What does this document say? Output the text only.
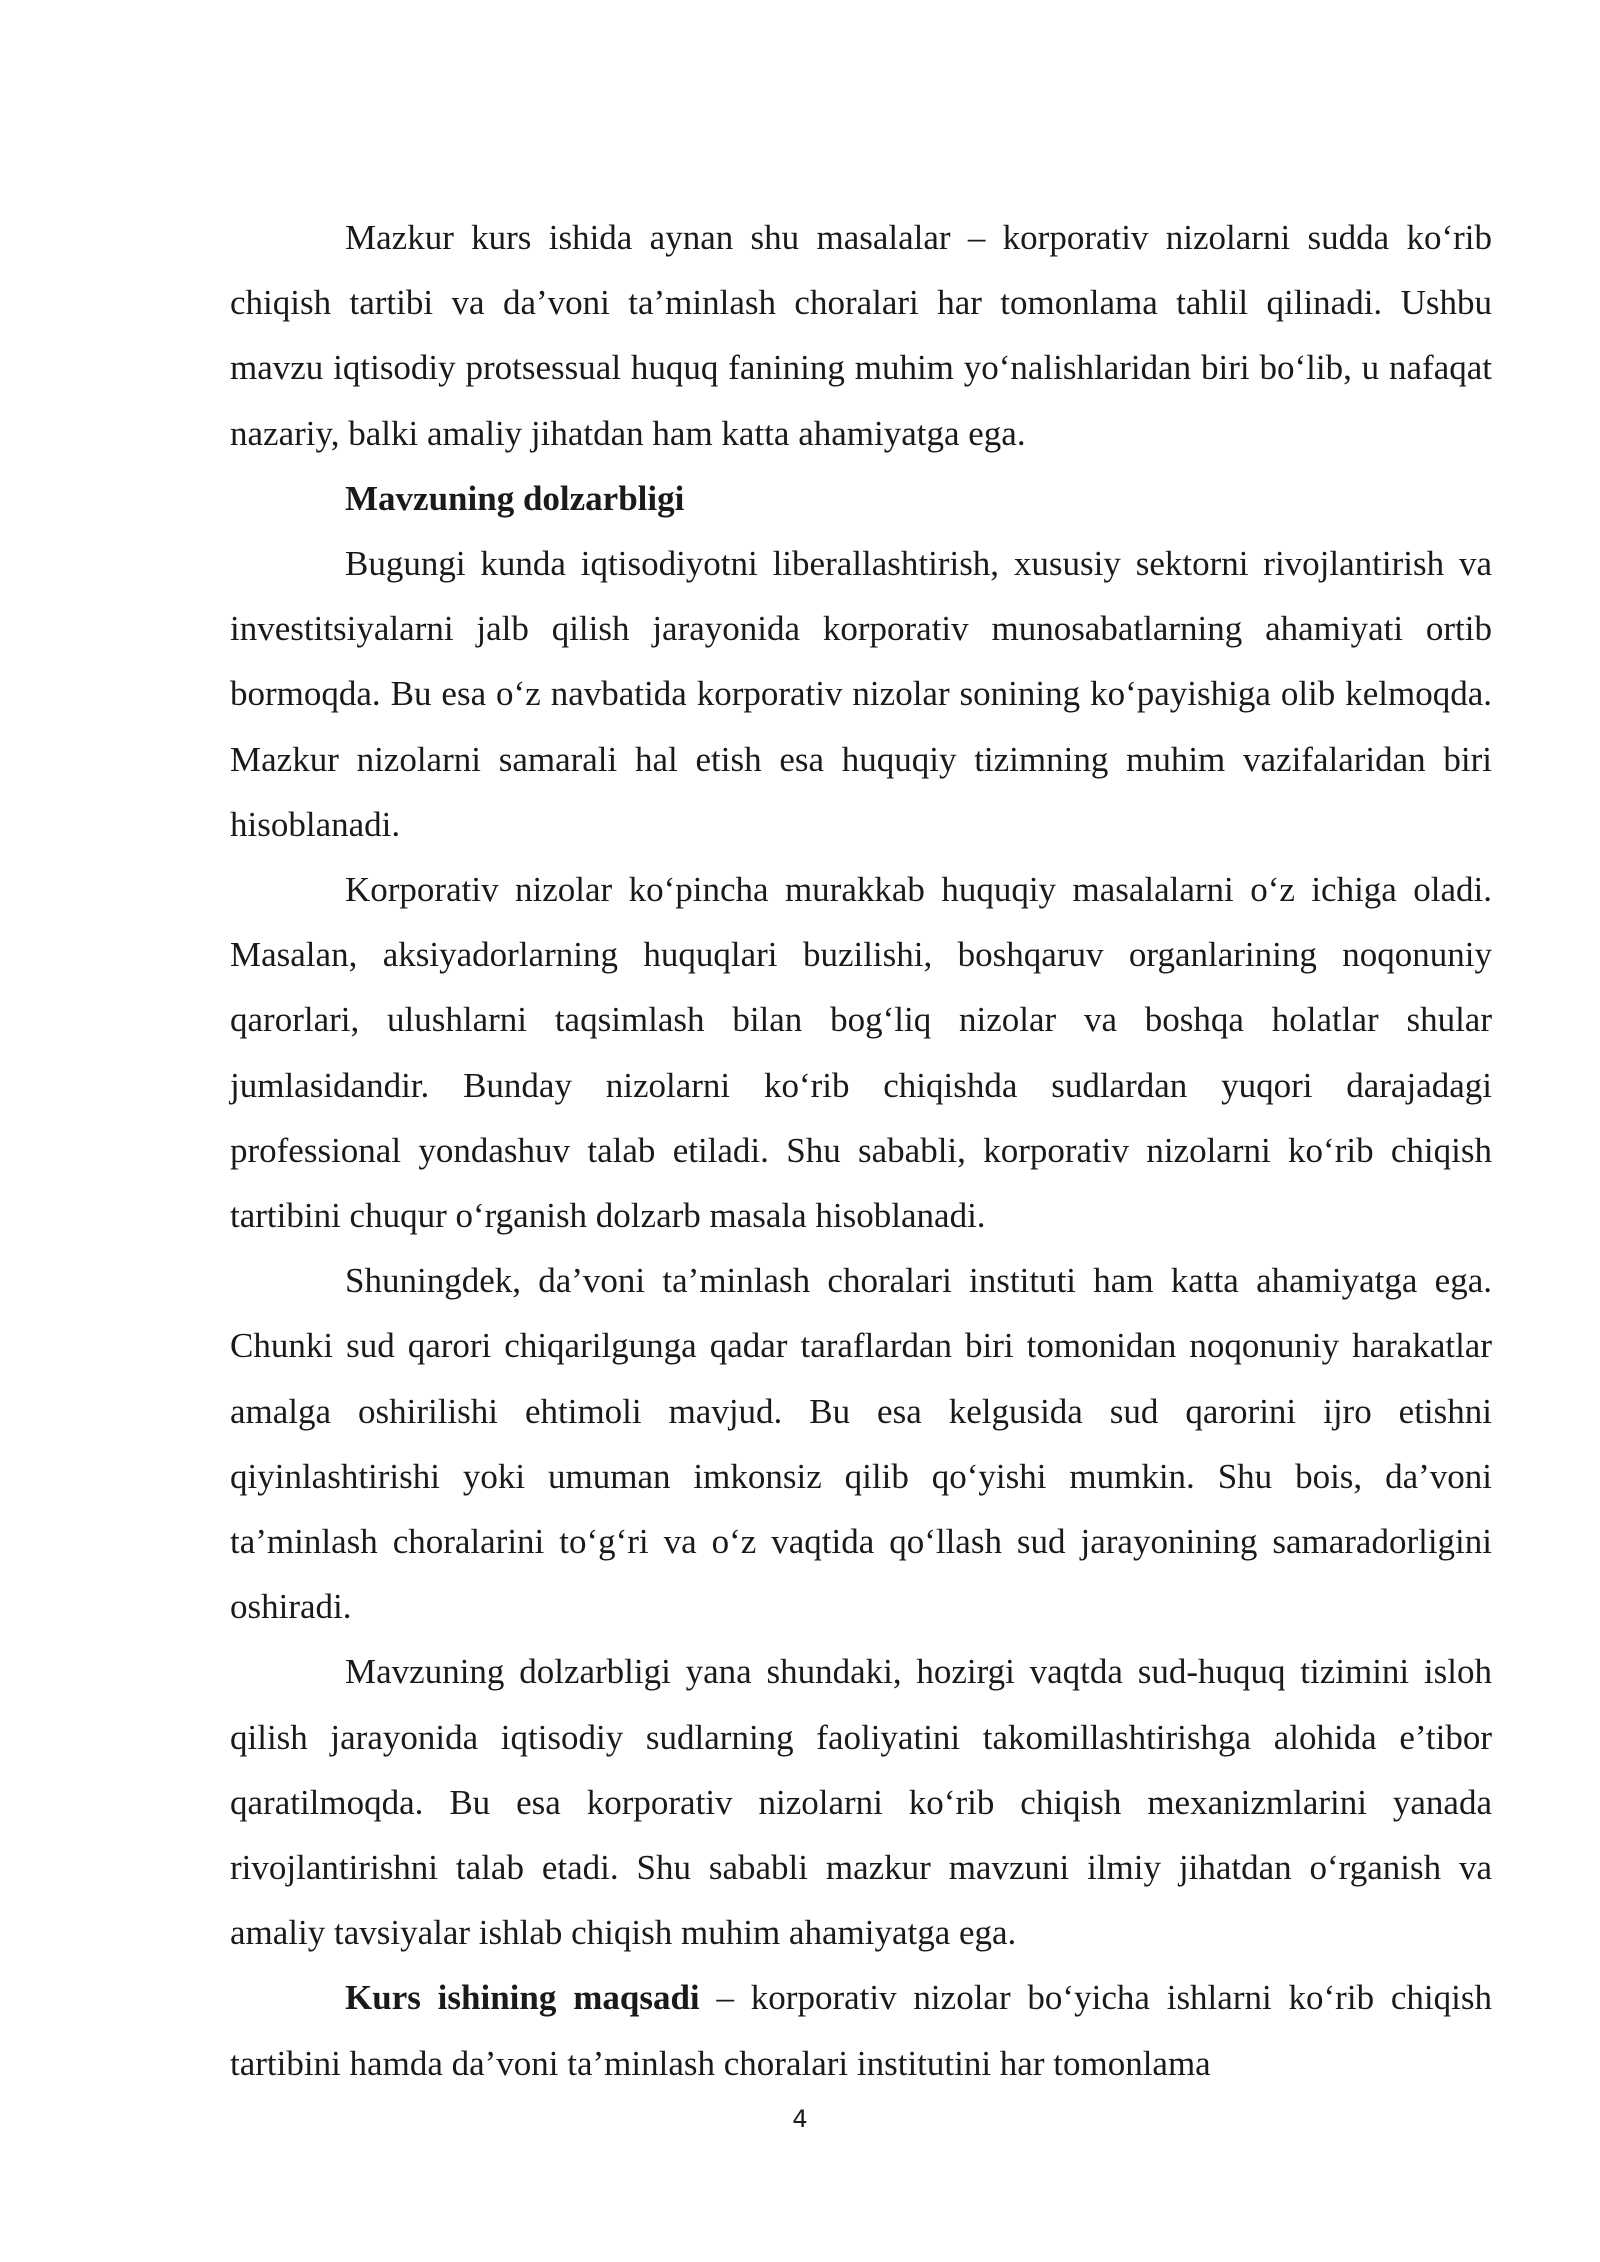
Mazkur kurs ishida aynan shu masalalar – korporativ nizolarni sudda ko‘rib chiqish tartibi va da’voni ta’minlash choralari har tomonlama tahlil qilinadi. Ushbu mavzu iqtisodiy protsessual huquq fanining muhim yo‘nalishlaridan biri bo‘lib, u nafaqat nazariy, balki amaliy jihatdan ham katta ahamiyatga ega.

Mavzuning dolzarbligi

Bugungi kunda iqtisodiyotni liberallashtirish, xususiy sektorni rivojlantirish va investitsiyalarni jalb qilish jarayonida korporativ munosabatlarning ahamiyati ortib bormoqda. Bu esa o‘z navbatida korporativ nizolar sonining ko‘payishiga olib kelmoqda. Mazkur nizolarni samarali hal etish esa huquqiy tizimning muhim vazifalaridan biri hisoblanadi.

Korporativ nizolar ko‘pincha murakkab huquqiy masalalarni o‘z ichiga oladi. Masalan, aksiyadorlarning huquqlari buzilishi, boshqaruv organlarining noqonuniy qarorlari, ulushlarni taqsimlash bilan bog‘liq nizolar va boshqa holatlar shular jumlasidandir. Bunday nizolarni ko‘rib chiqishda sudlardan yuqori darajadagi professional yondashuv talab etiladi. Shu sababli, korporativ nizolarni ko‘rib chiqish tartibini chuqur o‘rganish dolzarb masala hisoblanadi.

Shuningdek, da’voni ta’minlash choralari instituti ham katta ahamiyatga ega. Chunki sud qarori chiqarilgunga qadar taraflardan biri tomonidan noqonuniy harakatlar amalga oshirilishi ehtimoli mavjud. Bu esa kelgusida sud qarorini ijro etishni qiyinlashtirishi yoki umuman imkonsiz qilib qo‘yishi mumkin. Shu bois, da’voni ta’minlash choralarini to‘g‘ri va o‘z vaqtida qo‘llash sud jarayonining samaradorligini oshiradi.

Mavzuning dolzarbligi yana shundaki, hozirgi vaqtda sud-huquq tizimini isloh qilish jarayonida iqtisodiy sudlarning faoliyatini takomillashtirishga alohida e’tibor qaratilmoqda. Bu esa korporativ nizolarni ko‘rib chiqish mexanizmlarini yanada rivojlantirishni talab etadi. Shu sababli mazkur mavzuni ilmiy jihatdan o‘rganish va amaliy tavsiyalar ishlab chiqish muhim ahamiyatga ega.

Kurs ishining maqsadi – korporativ nizolar bo‘yicha ishlarni ko‘rib chiqish tartibini hamda da’voni ta’minlash choralari institutini har tomonlama

4
